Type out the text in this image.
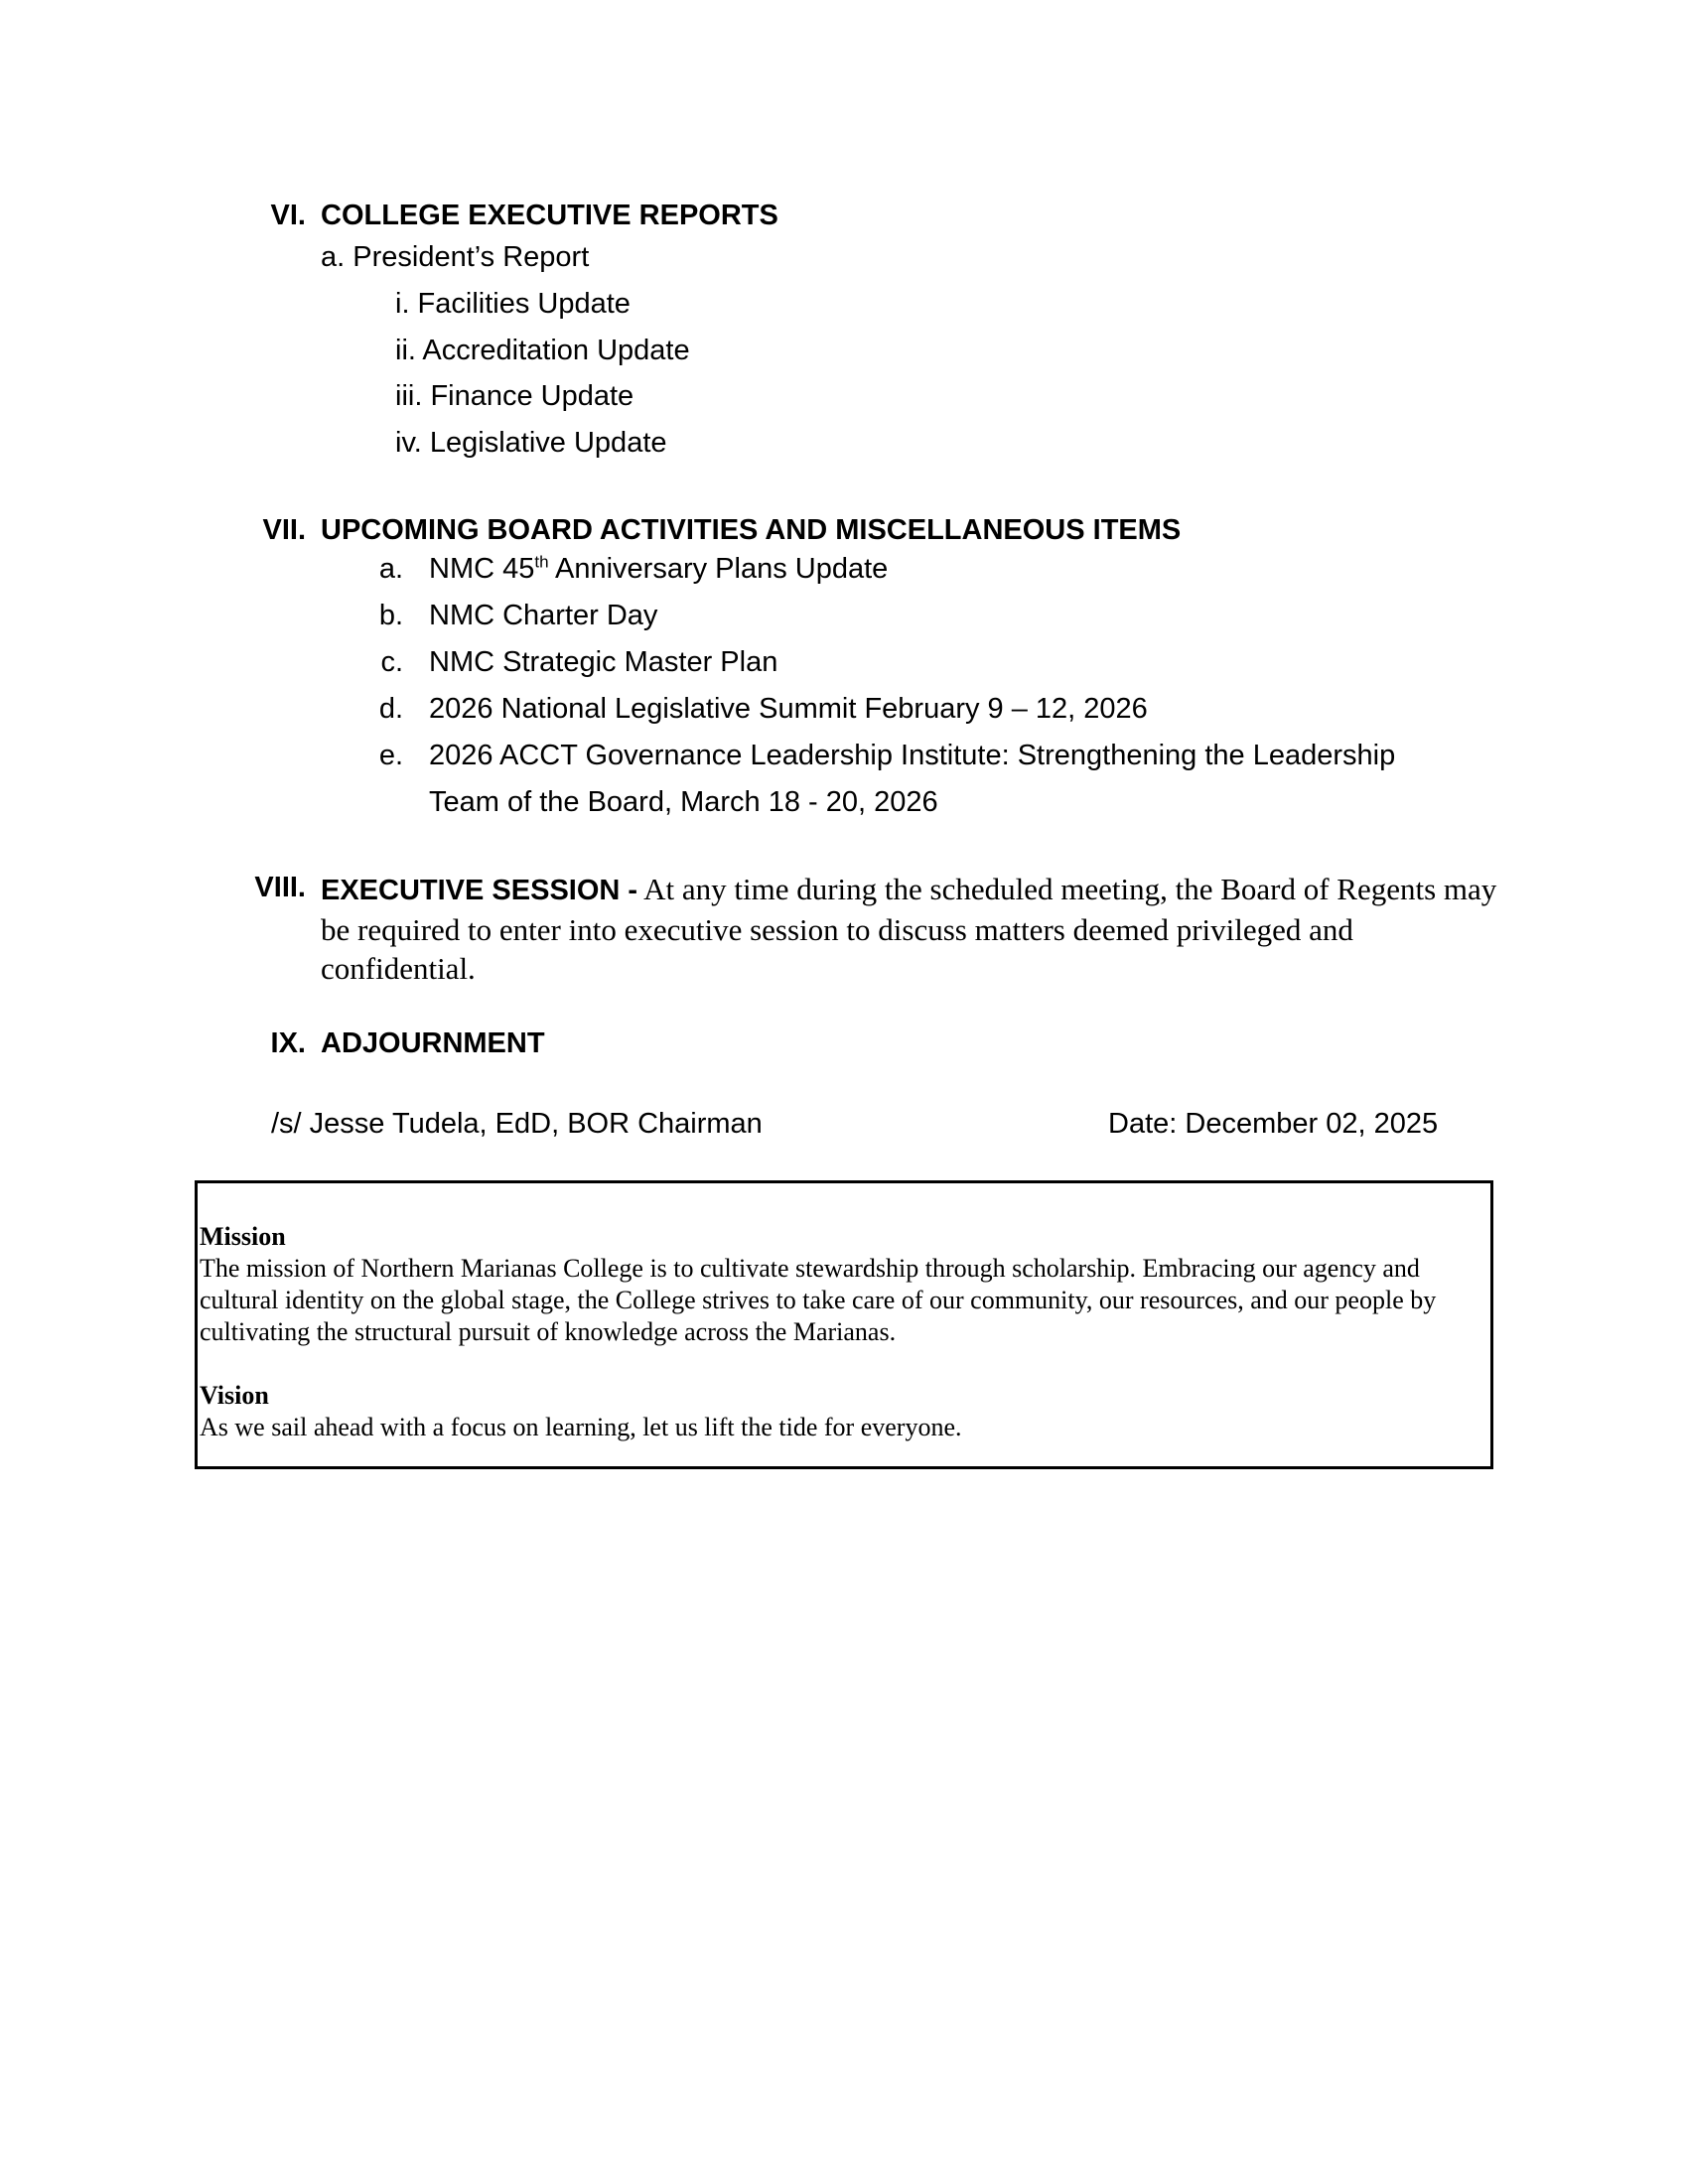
VI. COLLEGE EXECUTIVE REPORTS
a. President’s Report
i. Facilities Update
ii. Accreditation Update
iii. Finance Update
iv. Legislative Update
VII. UPCOMING BOARD ACTIVITIES AND MISCELLANEOUS ITEMS
a. NMC 45th Anniversary Plans Update
b. NMC Charter Day
c. NMC Strategic Master Plan
d. 2026 National Legislative Summit February 9 – 12, 2026
e. 2026 ACCT Governance Leadership Institute: Strengthening the Leadership
Team of the Board, March 18 - 20, 2026
VIII. EXECUTIVE SESSION - At any time during the scheduled meeting, the Board of Regents may be required to enter into executive session to discuss matters deemed privileged and confidential.
IX. ADJOURNMENT
/s/ Jesse Tudela, EdD, BOR Chairman	Date: December 02, 2025
Mission
The mission of Northern Marianas College is to cultivate stewardship through scholarship. Embracing our agency and cultural identity on the global stage, the College strives to take care of our community, our resources, and our people by cultivating the structural pursuit of knowledge across the Marianas.
Vision
As we sail ahead with a focus on learning, let us lift the tide for everyone.
